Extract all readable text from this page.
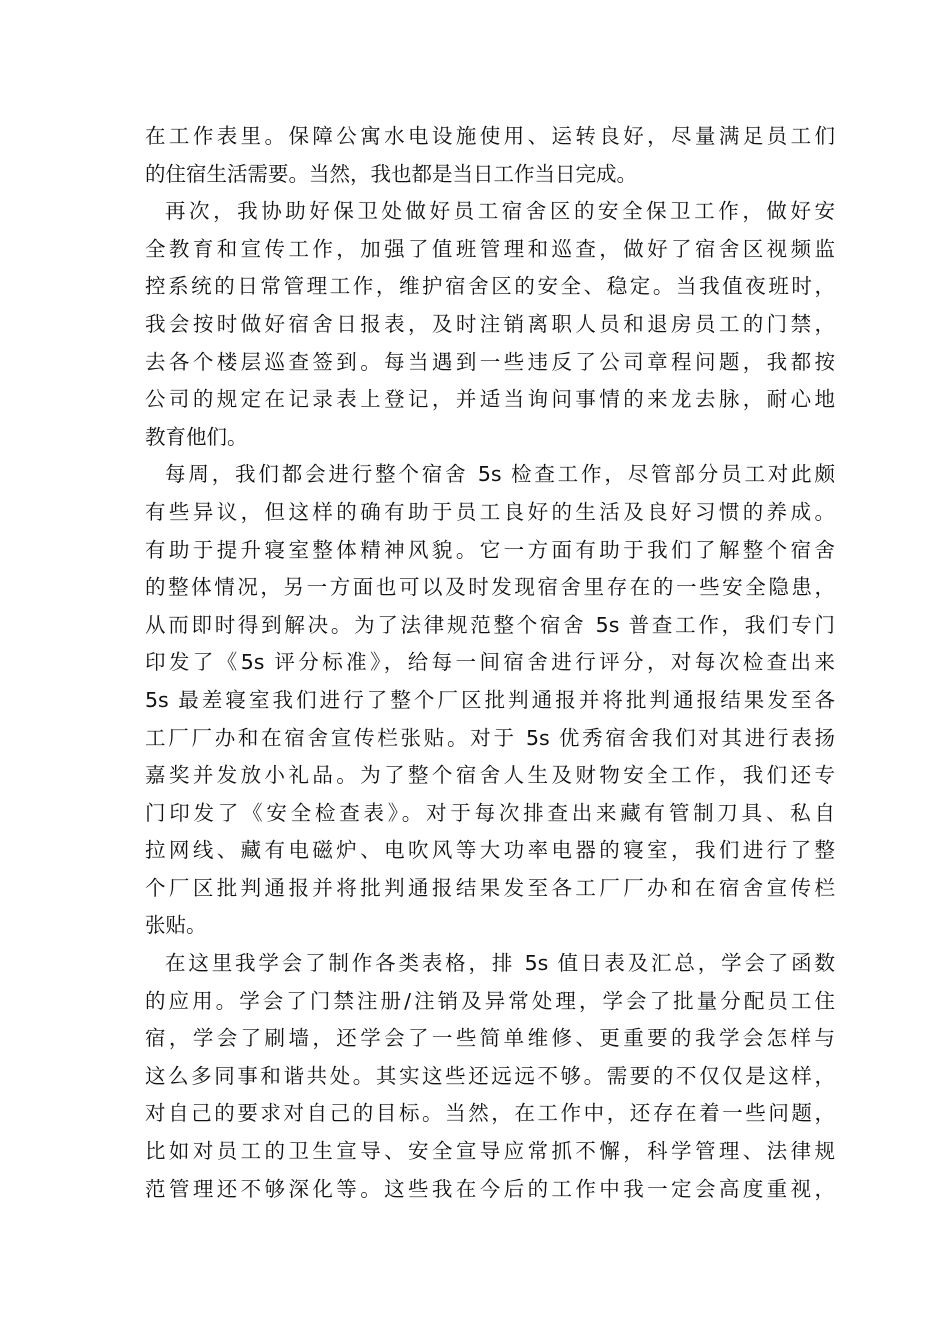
在工作表里。保障公寓水电设施使用、运转良好，尽量满足员工们
的住宿生活需要。当然，我也都是当日工作当日完成。
再次，我协助好保卫处做好员工宿舍区的安全保卫工作，做好安
全教育和宣传工作，加强了值班管理和巡查，做好了宿舍区视频监
控系统的日常管理工作，维护宿舍区的安全、稳定。当我值夜班时，
我会按时做好宿舍日报表，及时注销离职人员和退房员工的门禁，
去各个楼层巡查签到。每当遇到一些违反了公司章程问题，我都按
公司的规定在记录表上登记，并适当询问事情的来龙去脉，耐心地
教育他们。
每周，我们都会进行整个宿舍 5s 检查工作，尽管部分员工对此颇
有些异议，但这样的确有助于员工良好的生活及良好习惯的养成。
有助于提升寝室整体精神风貌。它一方面有助于我们了解整个宿舍
的整体情况，另一方面也可以及时发现宿舍里存在的一些安全隐患，
从而即时得到解决。为了法律规范整个宿舍 5s 普查工作，我们专门
印发了《5s 评分标准》，给每一间宿舍进行评分，对每次检查出来
5s 最差寝室我们进行了整个厂区批判通报并将批判通报结果发至各
工厂厂办和在宿舍宣传栏张贴。对于 5s 优秀宿舍我们对其进行表扬
嘉奖并发放小礼品。为了整个宿舍人生及财物安全工作，我们还专
门印发了《安全检查表》。对于每次排查出来藏有管制刀具、私自
拉网线、藏有电磁炉、电吹风等大功率电器的寝室，我们进行了整
个厂区批判通报并将批判通报结果发至各工厂厂办和在宿舍宣传栏
张贴。
在这里我学会了制作各类表格，排 5s 值日表及汇总，学会了函数
的应用。学会了门禁注册/注销及异常处理，学会了批量分配员工住
宿，学会了刷墙，还学会了一些简单维修、更重要的我学会怎样与
这么多同事和谐共处。其实这些还远远不够。需要的不仅仅是这样，
对自己的要求对自己的目标。当然，在工作中，还存在着一些问题，
比如对员工的卫生宣导、安全宣导应常抓不懈，科学管理、法律规
范管理还不够深化等。这些我在今后的工作中我一定会高度重视，
